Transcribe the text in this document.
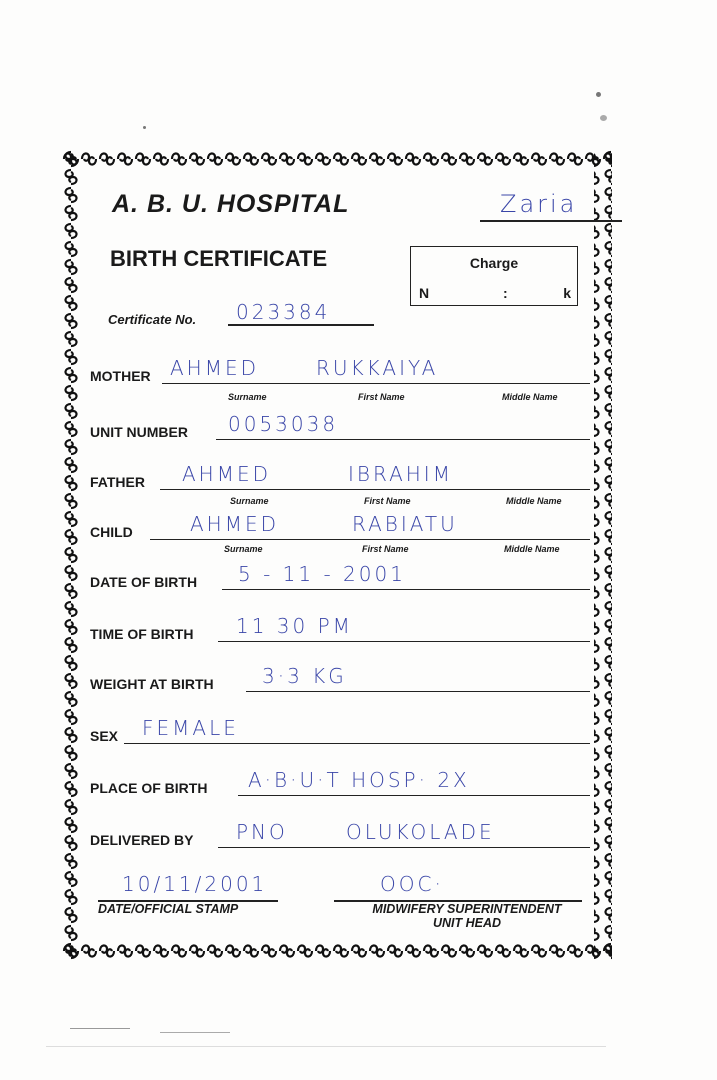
A. B. U. HOSPITAL	Zaria
BIRTH CERTIFICATE	Charge
N	:	k
Certificate No. 023384
MOTHER AHMED	RUKKAIYA
Surname	First Name	Middle Name
UNIT NUMBER 0053038
FATHER AHMED	IBRAHIM
Surname	First Name	Middle Name
CHILD	AHMED	RABIATU
Surname	First Name	Middle Name
DATE OF BIRTH 5 - 11 - 2001
TIME OF BIRTH 11 30 PM
WEIGHT AT BIRTH 3·3 KG
SEX FEMALE
PLACE OF BIRTH A·B·U·T HOSP· 2X
DELIVERED BY PNO	OLUKOLADE
10/11/2001	OOC·
DATE/OFFICIAL STAMP	MIDWIFERY SUPERINTENDENT
UNIT HEAD
